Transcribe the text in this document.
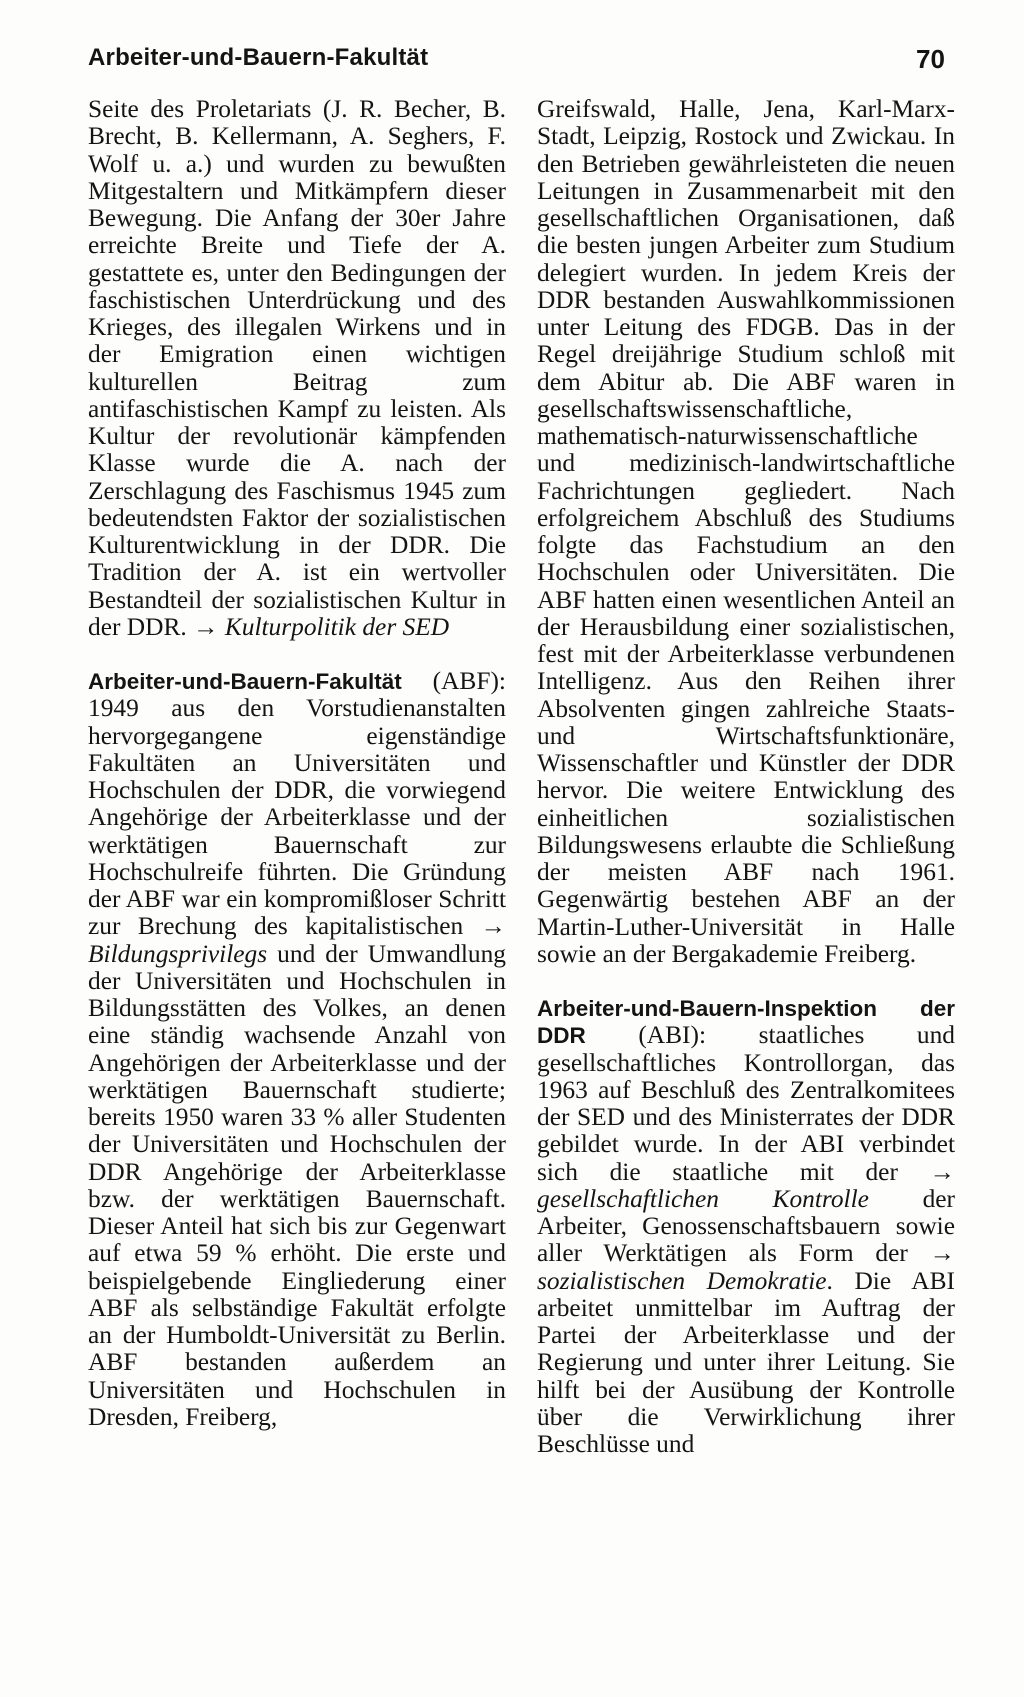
Arbeiter-und-Bauern-Fakultät	70

Seite des Proletariats (J. R. Becher, B. Brecht, B. Kellermann, A. Seghers, F. Wolf u. a.) und wurden zu bewußten Mitgestaltern und Mitkämpfern dieser Bewegung. Die Anfang der 30er Jahre erreichte Breite und Tiefe der A. gestattete es, unter den Bedingungen der faschistischen Unterdrückung und des Krieges, des illegalen Wirkens und in der Emigration einen wichtigen kulturellen Beitrag zum antifaschistischen Kampf zu leisten. Als Kultur der revolutionär kämpfenden Klasse wurde die A. nach der Zerschlagung des Faschismus 1945 zum bedeutendsten Faktor der sozialistischen Kulturentwicklung in der DDR. Die Tradition der A. ist ein wertvoller Bestandteil der sozialistischen Kultur in der DDR. → Kulturpolitik der SED

Arbeiter-und-Bauern-Fakultät (ABF): 1949 aus den Vorstudienanstalten hervorgegangene eigenständige Fakultäten an Universitäten und Hochschulen der DDR, die vorwiegend Angehörige der Arbeiterklasse und der werktätigen Bauernschaft zur Hochschulreife führten. Die Gründung der ABF war ein kompromißloser Schritt zur Brechung des kapitalistischen → Bildungsprivilegs und der Umwandlung der Universitäten und Hochschulen in Bildungsstätten des Volkes, an denen eine ständig wachsende Anzahl von Angehörigen der Arbeiterklasse und der werktätigen Bauernschaft studierte; bereits 1950 waren 33 % aller Studenten der Universitäten und Hochschulen der DDR Angehörige der Arbeiterklasse bzw. der werktätigen Bauernschaft. Dieser Anteil hat sich bis zur Gegenwart auf etwa 59 % erhöht. Die erste und beispielgebende Eingliederung einer ABF als selbständige Fakultät erfolgte an der Humboldt-Universität zu Berlin. ABF bestanden außerdem an Universitäten und Hochschulen in Dresden, Freiberg,

Greifswald, Halle, Jena, Karl-Marx-Stadt, Leipzig, Rostock und Zwickau. In den Betrieben gewährleisteten die neuen Leitungen in Zusammenarbeit mit den gesellschaftlichen Organisationen, daß die besten jungen Arbeiter zum Studium delegiert wurden. In jedem Kreis der DDR bestanden Auswahlkommissionen unter Leitung des FDGB. Das in der Regel dreijährige Studium schloß mit dem Abitur ab. Die ABF waren in gesellschaftswissenschaftliche, mathematisch-naturwissenschaftliche und medizinisch-landwirtschaftliche Fachrichtungen gegliedert. Nach erfolgreichem Abschluß des Studiums folgte das Fachstudium an den Hochschulen oder Universitäten. Die ABF hatten einen wesentlichen Anteil an der Herausbildung einer sozialistischen, fest mit der Arbeiterklasse verbundenen Intelligenz. Aus den Reihen ihrer Absolventen gingen zahlreiche Staats- und Wirtschaftsfunktionäre, Wissenschaftler und Künstler der DDR hervor. Die weitere Entwicklung des einheitlichen sozialistischen Bildungswesens erlaubte die Schließung der meisten ABF nach 1961. Gegenwärtig bestehen ABF an der Martin-Luther-Universität in Halle sowie an der Bergakademie Freiberg.

Arbeiter-und-Bauern-Inspektion der DDR (ABI): staatliches und gesellschaftliches Kontrollorgan, das 1963 auf Beschluß des Zentralkomitees der SED und des Ministerrates der DDR gebildet wurde. In der ABI verbindet sich die staatliche mit der → gesellschaftlichen Kontrolle der Arbeiter, Genossenschaftsbauern sowie aller Werktätigen als Form der → sozialistischen Demokratie. Die ABI arbeitet unmittelbar im Auftrag der Partei der Arbeiterklasse und der Regierung und unter ihrer Leitung. Sie hilft bei der Ausübung der Kontrolle über die Verwirklichung ihrer Beschlüsse und
